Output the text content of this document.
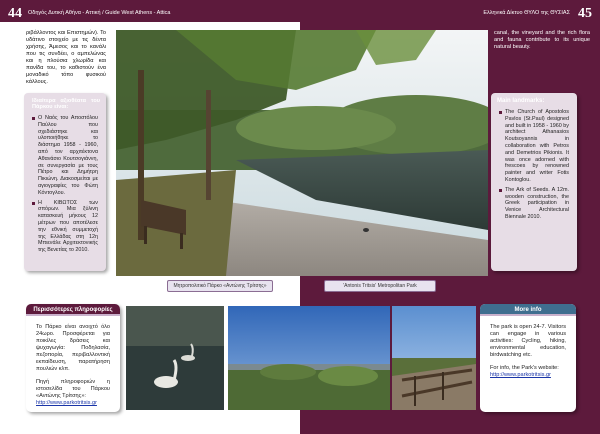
44 Οδηγός Δυτική Αθήνα - Αττική / Guide West Athens - Attica	Ελληνικά Δίκτυο ΘΥΛΟ της ΘΥΣΙΑΣ 45
ριβάλλοντος και Επιστημών). Το υδάτινο στοιχείο με τις δέντα χρήσης, Άμεσος και το κανάλι που τις συνδέει, ο αμπελώνας και η πλούσια χλωρίδα και πανίδα του, το καθιστούν ένα μοναδικό τόπο φυσικού κάλλους.
canal, the vineyard and the rich flora and fauna contribute to its unique natural beauty.
Ιδιαίτερα αξιοθέατα του Πάρκου είναι:
Ο Ναός του Αποστόλου Παύλου που σχεδιάστηκε και υλοποιήθηκε το διάστημα 1958 - 1960, από τον αρχιτέκτονα Αθανάσιο Κουτσογιάννη, σε συνεργασία με τους Πέτρο και Δημήτρη Πικιώνη. Διακοσμείται με αγιογραφίες του Φώτη Κόντογλου.
Η ΚΙΒΩΤΟΣ των σπόρων. Μια ξύλινη κατασκευή μήκους 12 μέτρων που αποτέλεσε την εθνική συμμετοχή της Ελλάδας στη 12η Μπιενάλε Αρχιτεκτονικής της Βενετίας το 2010.
Main landmarks:
The Church of Apostolos Pavlos (St.Paul) designed and built in 1958 - 1960 by architect Athanasios Koutsoyannis in collaboration with Petros and Demetrios Pikionis. It was once adorned with frescoes by renowned painter and writer Fotis Kontoglou.
The Ark of Seeds. A 12m. wooden construction, the Greek participation in Venice Architectural Biennale 2010.
Μητροπολιτικό Πάρκο «Αντώνης Τρίτσης»	'Antonis Tritsis' Metropolitan Park
Περισσότερες πληροφορίες

Το Πάρκο είναι ανοιχτό όλο 24ωρο. Προσφέρεται για ποικίλες δράσεις και ψυχαγωγία: Ποδηλασία, πεζοπορία, περιβαλλοντική εκπαίδευση, παρατήρηση πουλιών κλπ.

Πηγή πληροφοριών η ιστοσελίδα του Πάρκου «Αντώνης Τρίτσης»:

http://www.parkotritsis.gr
More info

The park is open 24-7. Visitors can engage in various activities: Cycling, hiking, environmental education, birdwatching etc.

For info, the Park's website:

http://www.parkotritsis.gr
